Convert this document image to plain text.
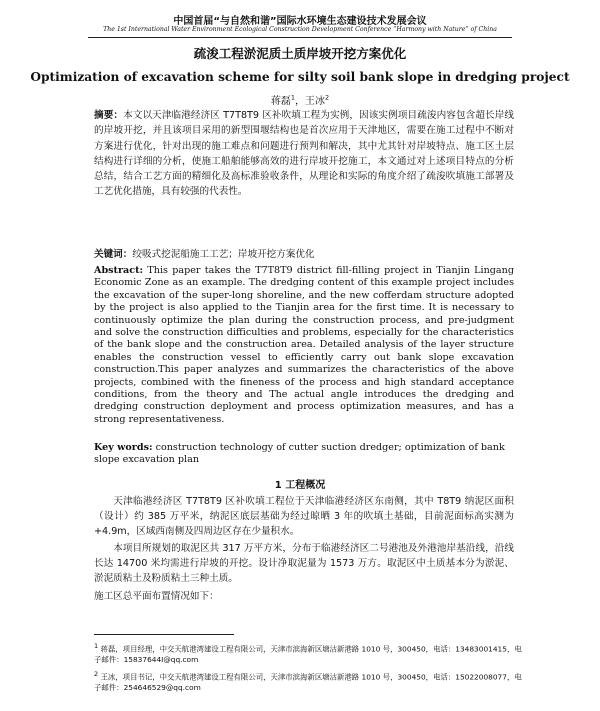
中国首届“与自然和谐”国际水环境生态建设技术发展会议
The 1st International Water Environment Ecological Construction Development Conference “Harmony with Nature” of China
疏浚工程淤泥质土质岸坡开挖方案优化
Optimization of excavation scheme for silty soil bank slope in dredging project
蒋磊$^1$，王冰$^2$
摘要：本文以天津临港经济区 T7T8T9 区补吹填工程为实例，因该实例项目疏浚内容包含超长岸线的岸坡开挖，并且该项目采用的新型围堰结构也是首次应用于天津地区，需要在施工过程中不断对方案进行优化，针对出现的施工难点和问题进行预判和解决，其中尤其针对岸坡特点、施工区土层结构进行详细的分析，使施工船舶能够高效的进行岸坡开挖施工，本文通过对上述项目特点的分析总结，结合工艺方面的精细化及高标准验收条件，从理论和实际的角度介绍了疏浚吹填施工部署及工艺优化措施，具有较强的代表性。
关键词：绞吸式挖泥船施工工艺；岸坡开挖方案优化
Abstract: This paper takes the T7T8T9 district fill-filling project in Tianjin Lingang Economic Zone as an example. The dredging content of this example project includes the excavation of the super-long shoreline, and the new cofferdam structure adopted by the project is also applied to the Tianjin area for the first time. It is necessary to continuously optimize the plan during the construction process, and pre-judgment and solve the construction difficulties and problems, especially for the characteristics of the bank slope and the construction area. Detailed analysis of the layer structure enables the construction vessel to efficiently carry out bank slope excavation construction.This paper analyzes and summarizes the characteristics of the above projects, combined with the fineness of the process and high standard acceptance conditions, from the theory and The actual angle introduces the dredging and dredging construction deployment and process optimization measures, and has a strong representativeness.
Key words: construction technology of cutter suction dredger; optimization of bank slope excavation plan
1 工程概况
天津临港经济区 T7T8T9 区补吹填工程位于天津临港经济区东南侧，其中 T8T9 纳泥区面积（设计）约 385 万平米，纳泥区底层基础为经过晾晒 3 年的吹填土基础，目前泥面标高实测为+4.9m，区域西南侧及四周边区存在少量积水。
本项目所规划的取泥区共 317 万平方米，分布于临港经济区二号港池及外港池岸基沿线，沿线长达 14700 米均需进行岸坡的开挖。设计净取泥量为 1573 万方。取泥区中土质基本分为淤泥、淤泥质粘土及粉质粘土三种土质。
施工区总平面布置情况如下：
1 蒋磊，项目经理，中交天航港湾建设工程有限公司，天津市滨海新区塘沽新港路 1010 号，300450，电话：13483001415，电子邮件：15837644I@qq.com
2 王冰，项目书记，中交天航港湾建设工程有限公司，天津市滨海新区塘沽新港路 1010 号，300450，电话：15022008077，电子邮件：254646529@qq.com
